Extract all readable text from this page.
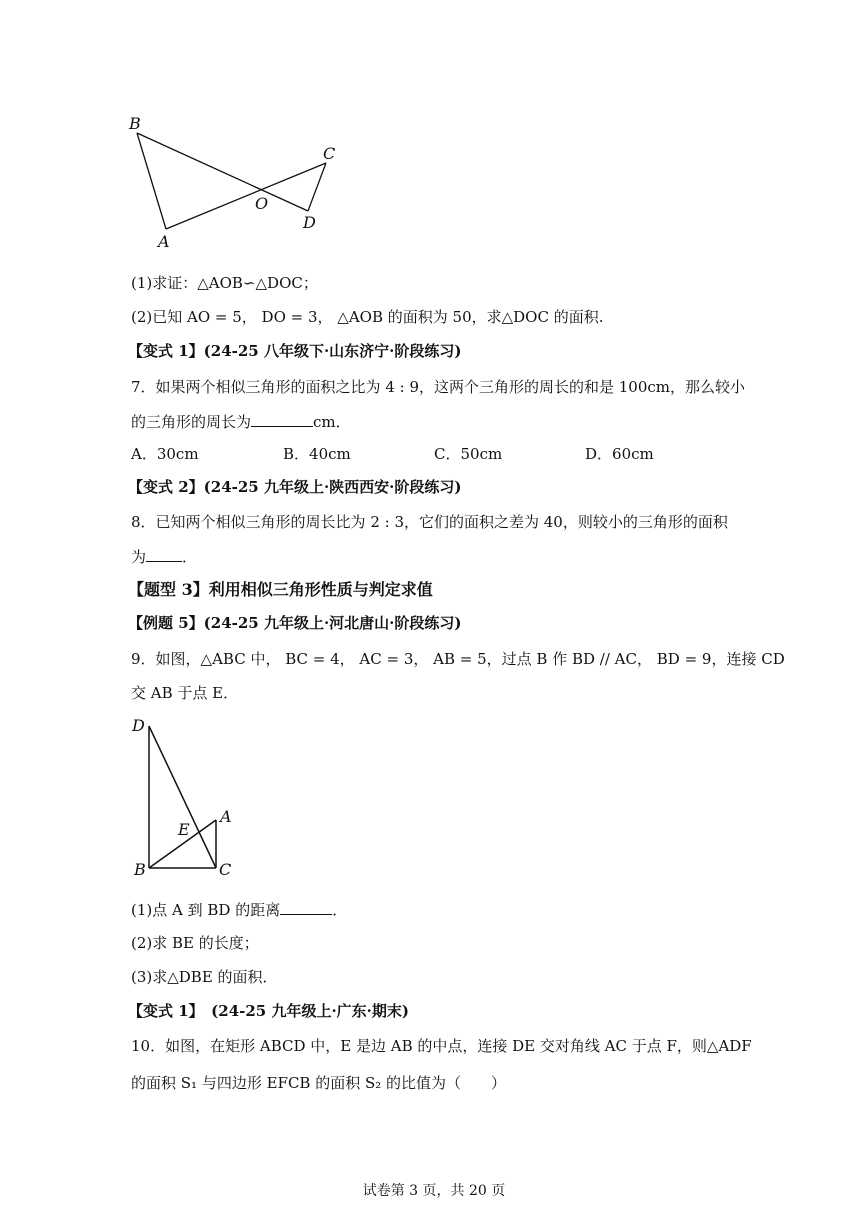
B
C
O
D
A
(1)求证：△AOB∽△DOC；
(2)已知 AO = 5， DO = 3， △AOB 的面积为 50，求△DOC 的面积.
【变式 1】(24-25 八年级下·山东济宁·阶段练习)
7．如果两个相似三角形的面积之比为 4 : 9，这两个三角形的周长的和是 100cm，那么较小
的三角形的周长为	cm．
A．30cm	B．40cm	C．50cm	D．60cm
【变式 2】(24-25 九年级上·陕西西安·阶段练习)
8．已知两个相似三角形的周长比为 2 : 3，它们的面积之差为 40，则较小的三角形的面积
为 ．
【题型 3】利用相似三角形性质与判定求值
【例题 5】(24-25 九年级上·河北唐山·阶段练习)
9．如图，△ABC 中， BC = 4， AC = 3， AB = 5，过点 B 作 BD // AC， BD = 9，连接 CD
交 AB 于点 E．
D
A
E
B	C
(1)点 A 到 BD 的距离	．
(2)求 BE 的长度；
(3)求△DBE 的面积．
【变式 1】　(24-25 九年级上·广东·期末)
10．如图，在矩形 ABCD 中，E 是边 AB 的中点，连接 DE 交对角线 AC 于点 F，则△ADF
的面积 S₁ 与四边形 EFCB 的面积 S₂ 的比值为（　　）
试卷第 3 页，共 20 页
